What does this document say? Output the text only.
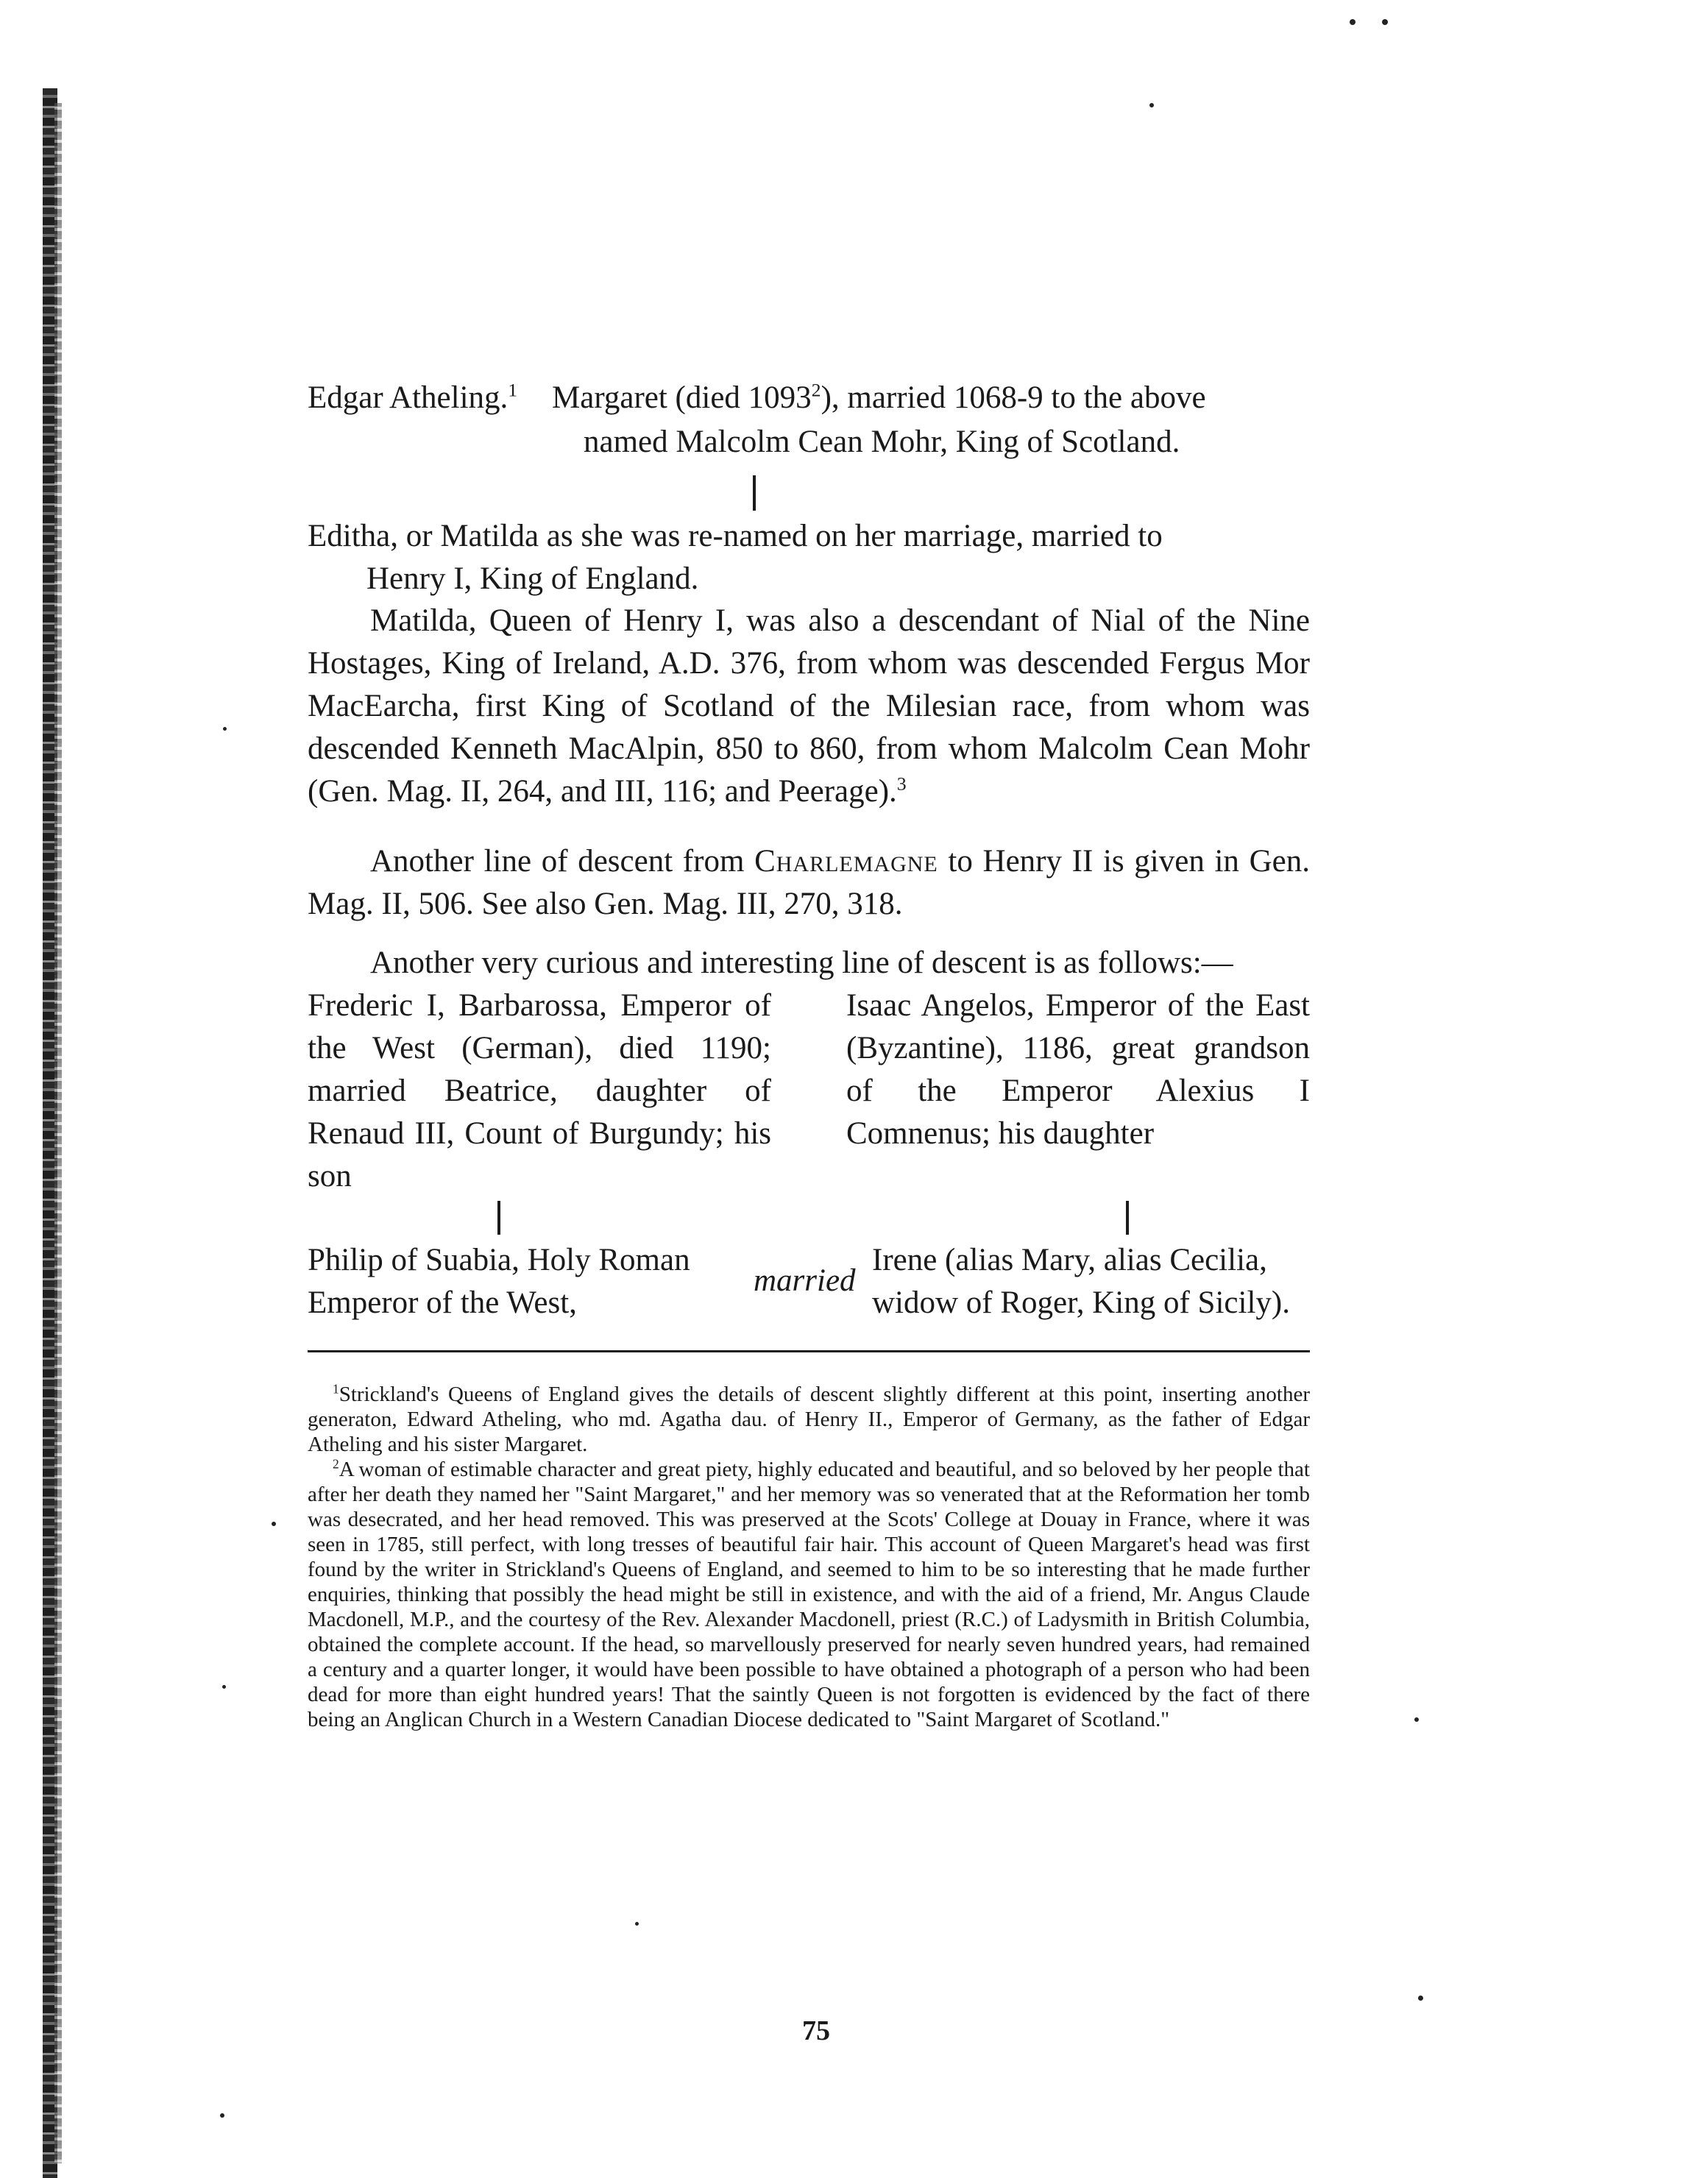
Edgar Atheling.$^1$ Margaret (died 1093$^2$), married 1068-9 to the above
named Malcolm Cean Mohr, King of Scotland.
Editha, or Matilda as she was re-named on her marriage, married to
Henry I, King of England.
Matilda, Queen of Henry I, was also a descendant of Nial of the Nine Hostages, King of Ireland, A.D. 376, from whom was descended Fergus Mor MacEarcha, first King of Scotland of the Milesian race, from whom was descended Kenneth MacAlpin, 850 to 860, from whom Malcolm Cean Mohr (Gen. Mag. II, 264, and III, 116; and Peerage).$^3$
Another line of descent from Charlemagne to Henry II is given in Gen. Mag. II, 506. See also Gen. Mag. III, 270, 318.
Another very curious and interesting line of descent is as follows:—
Frederic I, Barbarossa, Emperor of the West (German), died 1190; married Beatrice, daughter of Renaud III, Count of Burgundy; his son
Isaac Angelos, Emperor of the East (Byzantine), 1186, great grandson of the Emperor Alexius I Comnenus; his daughter
Philip of Suabia, Holy Roman
Emperor of the West,
married
Irene (alias Mary, alias Cecilia,
widow of Roger, King of Sicily).

$^1$Strickland's Queens of England gives the details of descent slightly different at this point, inserting another generaton, Edward Atheling, who md. Agatha dau. of Henry II., Emperor of Germany, as the father of Edgar Atheling and his sister Margaret.

$^2$A woman of estimable character and great piety, highly educated and beautiful, and so beloved by her people that after her death they named her "Saint Margaret," and her memory was so venerated that at the Reformation her tomb was desecrated, and her head removed. This was preserved at the Scots' College at Douay in France, where it was seen in 1785, still perfect, with long tresses of beautiful fair hair. This account of Queen Margaret's head was first found by the writer in Strickland's Queens of England, and seemed to him to be so interesting that he made further enquiries, thinking that possibly the head might be still in existence, and with the aid of a friend, Mr. Angus Claude Macdonell, M.P., and the courtesy of the Rev. Alexander Macdonell, priest (R.C.) of Ladysmith in British Columbia, obtained the complete account. If the head, so marvellously preserved for nearly seven hundred years, had remained a century and a quarter longer, it would have been possible to have obtained a photograph of a person who had been dead for more than eight hundred years! That the saintly Queen is not forgotten is evidenced by the fact of there being an Anglican Church in a Western Canadian Diocese dedicated to "Saint Margaret of Scotland."

75
